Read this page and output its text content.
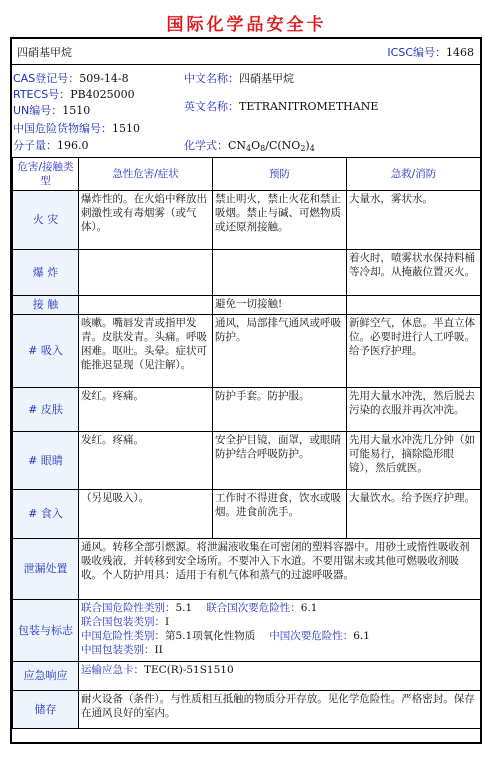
国际化学品安全卡
四硝基甲烷	ICSC编号：1468
CAS登记号：509-14-8
RTECS号：PB4025000
UN编号：1510
中国危险货物编号：1510
分子量：196.0
中文名称：四硝基甲烷
英文名称：TETRANITROMETHANE
化学式：$CN_4O_8/C(NO_2)_4$
危害/接触类型	急性危害/症状	预防	急救/消防
火 灾	爆炸性的。在火焰中释放出刺激性或有毒烟雾（或气体）。	禁止明火，禁止火花和禁止吸烟。禁止与碱、可燃物质或还原剂接触。	大量水，雾状水。
爆 炸			着火时，喷雾状水保持料桶等冷却。从掩蔽位置灭火。
接 触		避免一切接触!	
# 吸入	咳嗽。嘴唇发青或指甲发青。皮肤发青。头痛。呼吸困难。呕吐。头晕。症状可能推迟显现（见注解）。	通风，局部排气通风或呼吸防护。	新鲜空气，休息。半直立体位。必要时进行人工呼吸。给予医疗护理。
# 皮肤	发红。疼痛。	防护手套。防护服。	先用大量水冲洗，然后脱去污染的衣服并再次冲洗。
# 眼睛	发红。疼痛。	安全护目镜，面罩，或眼睛防护结合呼吸防护。	先用大量水冲洗几分钟（如可能易行，摘除隐形眼镜），然后就医。
# 食入	（另见吸入）。	工作时不得进食，饮水或吸烟。进食前洗手。	大量饮水。给予医疗护理。
泄漏处置	通风。转移全部引燃源。将泄漏液收集在可密闭的塑料容器中。用砂土或惰性吸收剂吸收残液，并转移到安全场所。不要冲入下水道。不要用锯末或其他可燃吸收剂吸收。个人防护用具：适用于有机气体和蒸气的过滤呼吸器。		
包装与标志	联合国危险性类别：5.1 联合国次要危险性：6.1
联合国包装类别：I
中国危险性类别：第5.1项氧化性物质 中国次要危险性：6.1
中国包装类别：II		

应急响应	运输应急卡：TEC(R)-51S1510		
储存	耐火设备（条件）。与性质相互抵触的物质分开存放。见化学危险性。严格密封。保存在通风良好的室内。		
